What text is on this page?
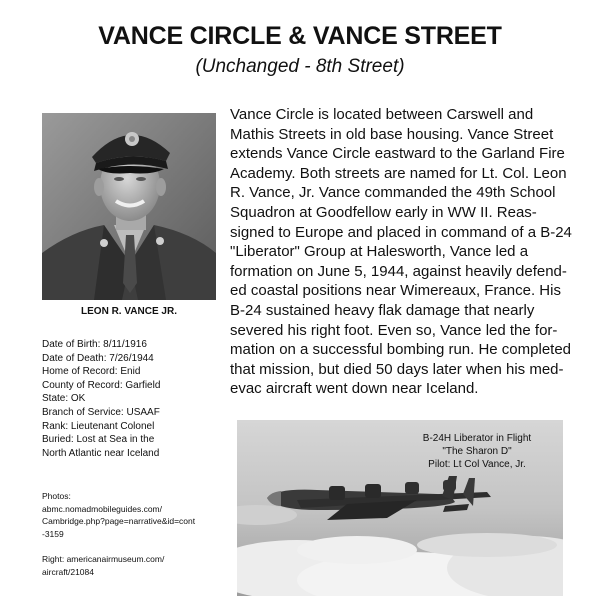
VANCE CIRCLE & VANCE STREET
(Unchanged - 8th Street)
LEON R. VANCE JR.
Date of Birth: 8/11/1916
Date of Death: 7/26/1944
Home of Record: Enid
County of Record: Garfield
State: OK
Branch of Service: USAAF
Rank: Lieutenant Colonel
Buried: Lost at Sea in the
North Atlantic near Iceland
Photos:
abmc.nomadmobileguides.com/
Cambridge.php?page=narrative&id=cont
-3159
Right: americanairmuseum.com/
aircraft/21084

Vance Circle is located between Carswell and
Mathis Streets in old base housing. Vance Street
extends Vance Circle eastward to the Garland Fire
Academy. Both streets are named for Lt. Col. Leon
R. Vance, Jr. Vance commanded the 49th School
Squadron at Goodfellow early in WW II. Reas-
signed to Europe and placed in command of a B-24
"Liberator" Group at Halesworth, Vance led a
formation on June 5, 1944, against heavily defend-
ed coastal positions near Wimereaux, France. His
B-24 sustained heavy flak damage that nearly
severed his right foot. Even so, Vance led the for-
mation on a successful bombing run. He completed
that mission, but died 50 days later when his med-
evac aircraft went down near Iceland.

B-24H Liberator in Flight
"The Sharon D"
Pilot: Lt Col Vance, Jr.
